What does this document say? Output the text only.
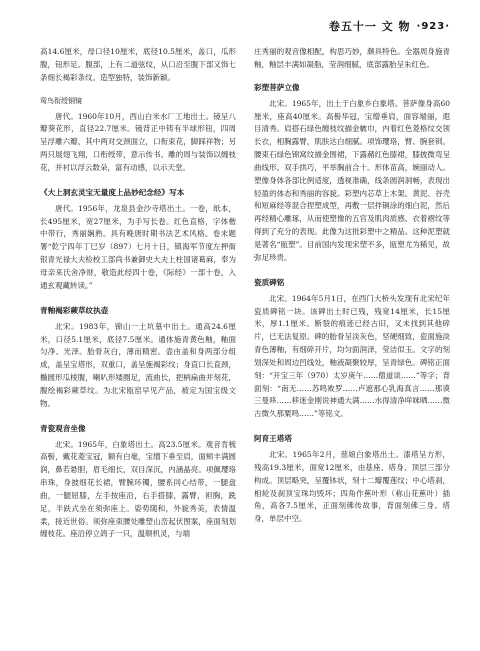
卷五十一 文 物 ·923·

高14.6厘米，母口径10厘米，底径10.5厘米，盖口，瓜形腹，钮形足。腹部，上有二道弦纹，从口沿至腹下部又饰七条细长褐彩条纹。造型独特，装饰新颖。

鸾鸟衔绶铜镜

唐代。1960年10月，西山白米水厂工地出土。镜呈八瓣葵花形，直径22.7厘米。镜背正中铸有半球形钮，四周呈浮雕六瓣，其中两对交颈面立，口衔束花，脚踩祥物；另两只展翅飞翔，口衔绶带，意示传书。雕的周与装饰以缠枝花，并衬以浮云数朵，富有动感，以示天堂。

《大上洞玄灵宝无量度上品妙纪念经》写本

唐代。1956年，龙泉县金沙寺塔出土。一卷，纸本，长495厘米，宽27厘米，为手写长卷。红色直格，字体楷中带行，秀丽娴熟。具有晚唐时期书法艺术风格。卷末题署“乾宁四年丁巳岁（897）七月十日，镇海军节度左押衙银青光禄大夫检校工部尚书兼御史大夫上柱国诸葛麻，奉为母亲来氏舍净财，敬造此经四十卷，《际经》一部十卷，入通玄观藏转读。”

青釉褐彩蕨草纹执壶

北宋。1983年，锦山一土坑墓中出土。通高24.6厘米，口径5.1厘米，底径7.5厘米。通体施青黄色釉，釉面匀净、光泽。胎骨灰白，薄而精密。壶由盖和身两部分组成，盖呈宝塔形，双重口，盖呈施褐彩纹；身直口长直颈，椭圆形瓜棱腹，喇叭形矮圈足，流曲长，把柄扁曲并刻花，腹绘褐彩蕨草纹。为北宋瓯窑早见产品，被定为国宝级文物。

青瓷观音坐像

北宋。1965年，白象塔出土。高23.5厘米。观音肯梳高髻，戴花菱宝冠，额有白毫，宝缯下垂至肩，面颊丰满圆润，鼻若悬胆，眉毛细长，双目深沉，内涵晶亮。项佩璎珞串珠，身披细花长裙，臂腕环镯，腰系同心结带，一腿盘曲，一腿屈膝，左手按座沿，右手搭膝，露臂，袒胸，跣足，半趺式坐在须弥座上。姿势随和，外貌秀美，表情温柔，接近世俗。须弥座束腰处雕塑山峦起伏图案，座面刻划缠枝花。座沿停立鸽子一只，温顺机灵，与端

庄秀丽的观音像相配，构思巧妙，颇具特色。全器周身施青釉，釉层丰满如凝脂，莹润细腻，底部露胎呈朱红色。

彩塑菩萨立像

北宋。1965年，出土于白象乡白象塔。菩萨像身高60厘米，座高40厘米。高髻华冠，宝缯垂肩，面容端丽，遐目清秀。肩搭石绿色缠枝纹描金帔巾，内着红色菱格纹交领长衣，相胸露臂，肌肤达白细腻。项饰璎珞，臂、腕套钏。腰束石绿色锦窝纹描金围裙，下露赭红色膝裙，膝披微弯呈曲线形。双手拱巧，平举胸前合十。形体苗高，婉丽动人。塑像身体各部比例适度，透视准确，线条圆润洞畅，表现出轻盈的体态和秀丽的容貌。彩塑内芯草上木架。黄泥、谷壳和短麻经等混合捏塑成型，再敷一层拌铜涂的细白泥，然后再经精心雕琢，从而使塑像的五官及肌肉质感、衣着褶纹等得到了充分的表现。此像为这批彩塑中之精品。这种泥塑就是著名“瓯塑”。目前国内发现宋塑不多，瓯塑尤为稀见，故弥足珍贵。

瓷质碑铭

北宋。1964年5月1日，在西门大桥头发现有北宋纪年瓷质碑铭一块。该碑出土时已残，残宽14厘米，长15厘米，厚1.1厘米。断裂的痕迹已经古旧，又未找到其他碎片，已无法复原。碑的胎骨呈淡灰色，坚硬细致，瓷面施淡青色薄釉，有细碎开片，均匀面润泽，莹洁似玉。文字的刻划深处和周边凹线处，釉液凝聚较厚，呈青绿色。碑铭正面刻：“开宝三年（970）太岁庚午……僧道谈……”等字；背面刻：“南无……苏鸣败罗……卢遮那心乳海真言……那谟三曼哆……移迷金刚说神通大满……水得清净咩咪哂……微古微久那粟鸣……”等铭文。

阿育王塔塔

北宋。1965年2月，慈娘白象塔出土。漆塔呈方形，残高19.3厘米，面宽12厘米，由基座、塔身、顶层三部分构成。顶层略突，呈覆钵状，刻十二瓣覆莲纹；中心塔刹，相轮及刹顶宝珠均毁坏；四角作蕉叶形（称山花蕉叶）插角，高各7.5厘米，正面刻佛传故事，背面刻佛三身。塔身，单层中空。
